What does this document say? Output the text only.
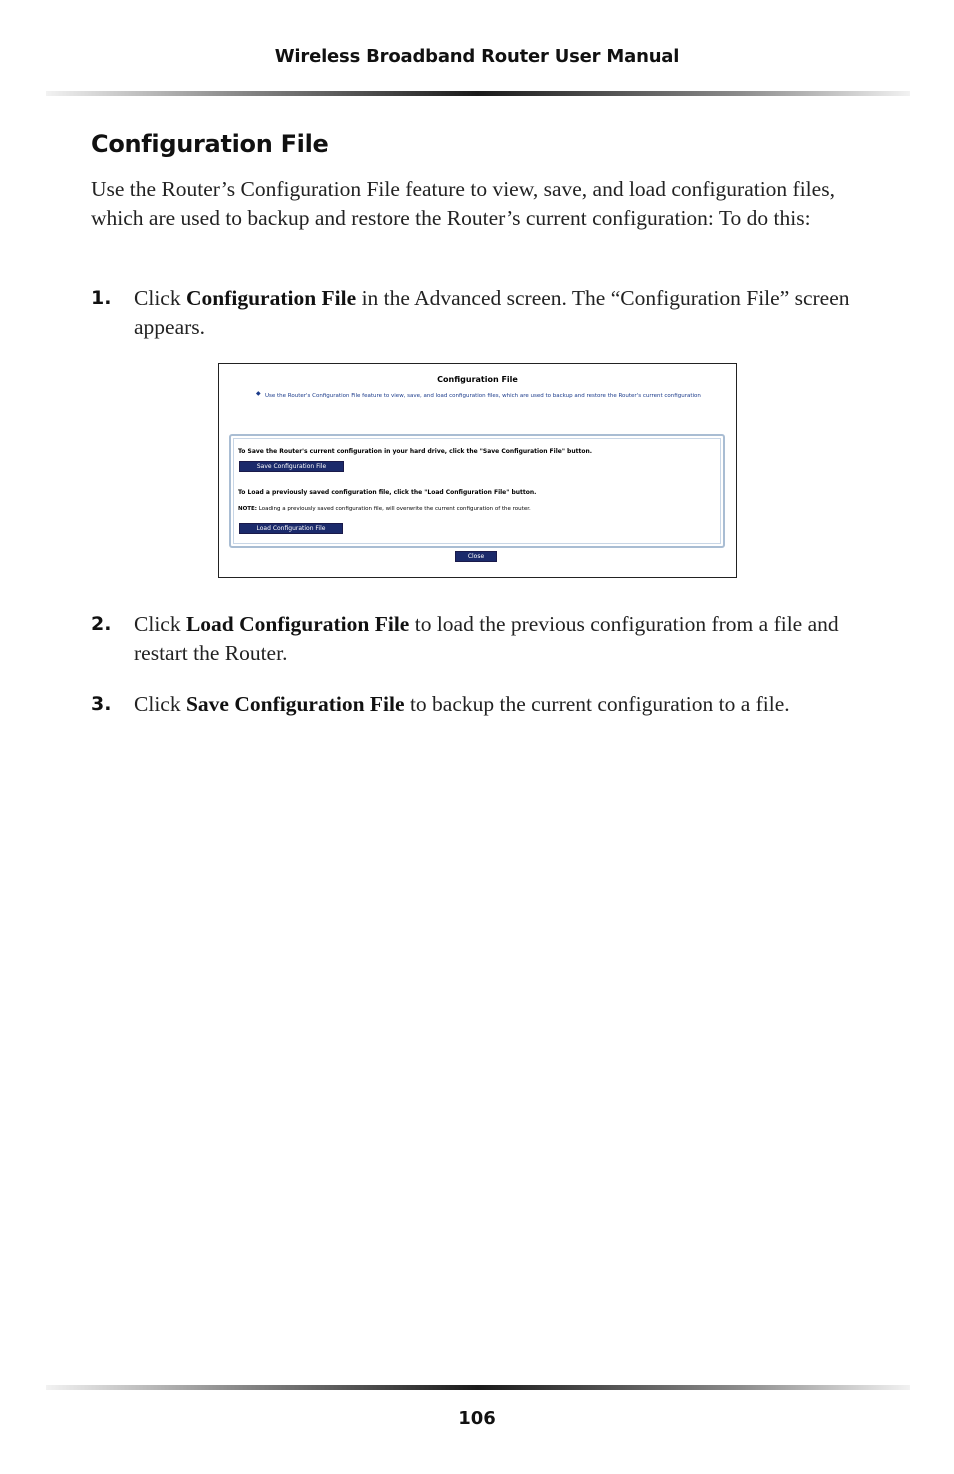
Wireless Broadband Router User Manual
Configuration File

Use the Router’s Configuration File feature to view, save, and load configuration files, which are used to backup and restore the Router’s current configuration: To do this:

1. Click Configuration File in the Advanced screen. The “Configuration File” screen appears.
Configuration File
◆ Use the Router's Configuration File feature to view, save, and load configuration files, which are used to backup and restore the Router's current configuration
To Save the Router's current configuration in your hard drive, click the "Save Configuration File" button.
Save Configuration File
To Load a previously saved configuration file, click the "Load Configuration File" button.
NOTE: Loading a previously saved configuration file, will overwrite the current configuration of the router.
Load Configuration File
Close
2. Click Load Configuration File to load the previous configuration from a file and restart the Router.
3. Click Save Configuration File to backup the current configuration to a file.
106
